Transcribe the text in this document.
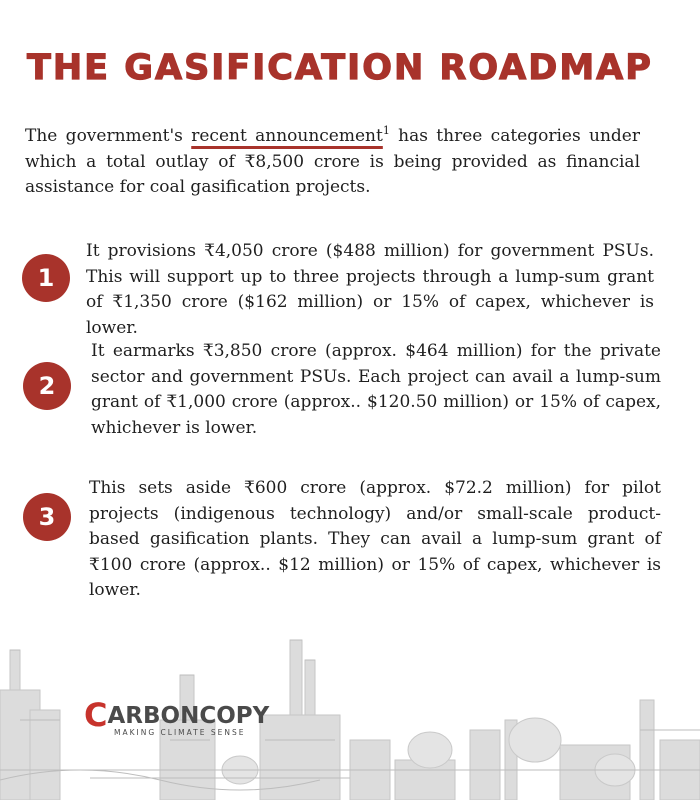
THE GASIFICATION ROADMAP

The government's recent announcement$^1$ has three categories under which a total outlay of ₹8,500 crore is being provided as financial assistance for coal gasification projects.

1

It provisions ₹4,050 crore ($488 million) for government PSUs. This will support up to three projects through a lump-sum grant of ₹1,350 crore ($162 million) or 15% of capex, whichever is lower.

2

It earmarks ₹3,850 crore (approx. $464 million) for the private sector and government PSUs. Each project can avail a lump-sum grant of ₹1,000 crore (approx.. $120.50 million) or 15% of capex, whichever is lower.

3

This sets aside ₹600 crore (approx. $72.2 million) for pilot projects (indigenous technology) and/or small-scale product-based gasification plants. They can avail a lump-sum grant of ₹100 crore (approx.. $12 million) or 15% of capex, whichever is lower.

CARBONCOPY
MAKING CLIMATE SENSE
